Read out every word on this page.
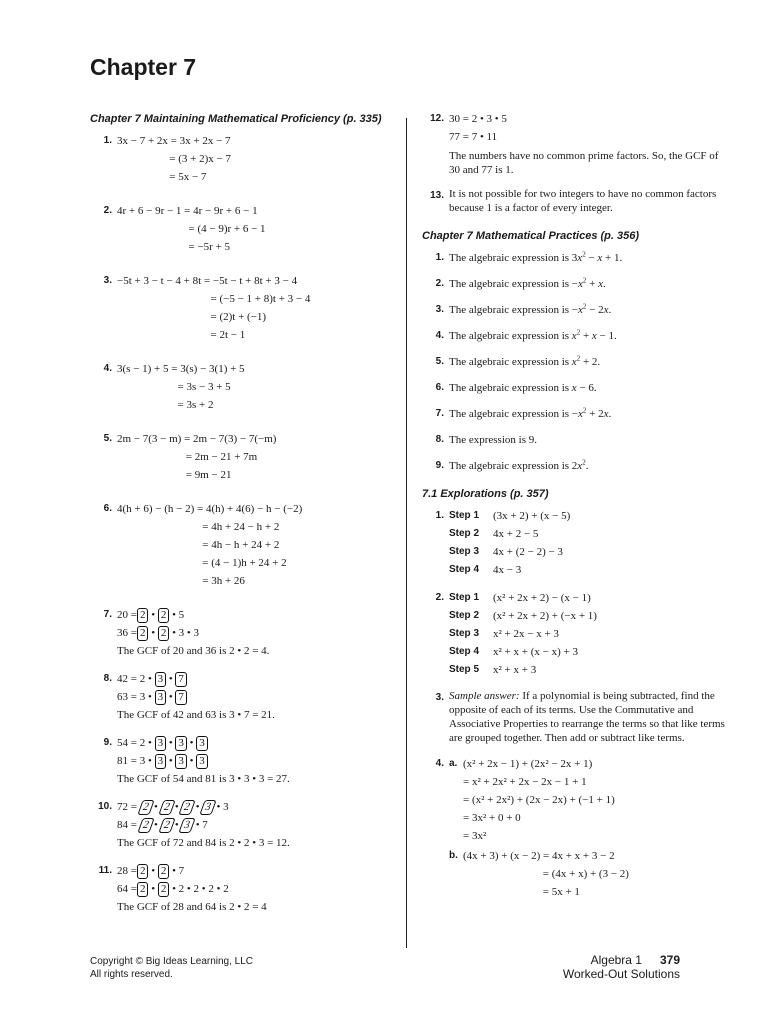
Chapter 7
Chapter 7 Maintaining Mathematical Proficiency (p. 335)
1. 3x − 7 + 2x = 3x + 2x − 7
= (3 + 2)x − 7
= 5x − 7
2. 4r + 6 − 9r − 1 = 4r − 9r + 6 − 1
= (4 − 9)r + 6 − 1
= −5r + 5
3. −5t + 3 − t − 4 + 8t = −5t − t + 8t + 3 − 4
= (−5 − 1 + 8)t + 3 − 4
= (2)t + (−1)
= 2t − 1
4. 3(s − 1) + 5 = 3(s) − 3(1) + 5
= 3s − 3 + 5
= 3s + 2
5. 2m − 7(3 − m) = 2m − 7(3) − 7(−m)
= 2m − 21 + 7m
= 9m − 21
6. 4(h + 6) − (h − 2) = 4(h) + 4(6) − h − (−2)
= 4h + 24 − h + 2
= 4h − h + 24 + 2
= (4 − 1)h + 24 + 2
= 3h + 26
7. 20 = 2 • 2 • 5
36 = 2 • 2 • 3 • 3
The GCF of 20 and 36 is 2 • 2 = 4.
8. 42 = 2 • 3 • 7
63 = 3 • 3 • 7
The GCF of 42 and 63 is 3 • 7 = 21.
9. 54 = 2 • 3 • 3 • 3
81 = 3 • 3 • 3 • 3
The GCF of 54 and 81 is 3 • 3 • 3 = 27.
10. 72 = 2 • 2 • 2 • 3 • 3
84 = 2 • 2 • 3 • 7
The GCF of 72 and 84 is 2 • 2 • 3 = 12.
11. 28 = 2 • 2 • 7
64 = 2 • 2 • 2 • 2 • 2 • 2
The GCF of 28 and 64 is 2 • 2 = 4
12. 30 = 2 • 3 • 5
77 = 7 • 11
The numbers have no common prime factors. So, the GCF of 30 and 77 is 1.
13. It is not possible for two integers to have no common factors because 1 is a factor of every integer.
Chapter 7 Mathematical Practices (p. 356)
1. The algebraic expression is $3x^2 - x + 1$.
2. The algebraic expression is $-x^2 + x$.
3. The algebraic expression is $-x^2 - 2x$.
4. The algebraic expression is $x^2 + x - 1$.
5. The algebraic expression is $x^2 + 2$.
6. The algebraic expression is x − 6.
7. The algebraic expression is $-x^2 + 2x$.
8. The expression is 9.
9. The algebraic expression is $2x^2$.
7.1 Explorations (p. 357)
1. Step 1	(3x + 2) + (x − 5)
Step 2	4x + 2 − 5
Step 3	4x + (2 − 2) − 3
Step 4	4x − 3
2. Step 1	(x² + 2x + 2) − (x − 1)
Step 2	(x² + 2x + 2) + (−x + 1)
Step 3	x² + 2x − x + 3
Step 4	x² + x + (x − x) + 3
Step 5	x² + x + 3
3. Sample answer: If a polynomial is being subtracted, find the opposite of each of its terms. Use the Commutative and Associative Properties to rearrange the terms so that like terms are grouped together. Then add or subtract like terms.
4. a. (x² + 2x − 1) + (2x² − 2x + 1)
= x² + 2x² + 2x − 2x − 1 + 1
= (x² + 2x²) + (2x − 2x) + (−1 + 1)
= 3x² + 0 + 0
= 3x²
b. (4x + 3) + (x − 2) = 4x + x + 3 − 2
= (4x + x) + (3 − 2)
= 5x + 1
Copyright © Big Ideas Learning, LLC
All rights reserved.
Algebra 1 379
Worked-Out Solutions
